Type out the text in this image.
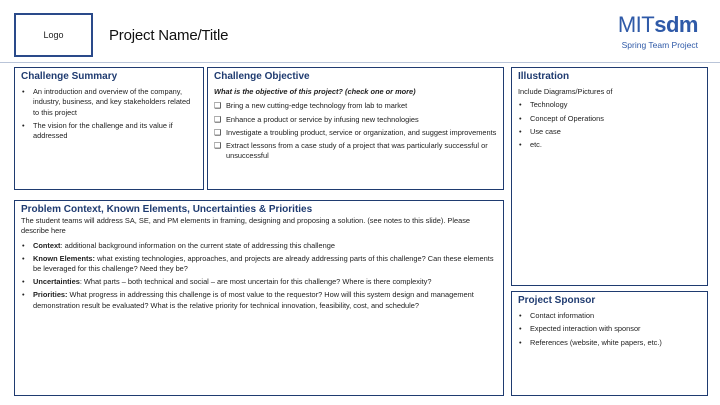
Logo	Project Name/Title	MITsdm
Spring Team Project
Challenge Summary
• An introduction and overview of the company, industry, business, and key stakeholders related to this project
• The vision for the challenge and its value if addressed
Challenge Objective
What is the objective of this project? (check one or more)
❑ Bring a new cutting-edge technology from lab to market
❑ Enhance a product or service by infusing new technologies
❑ Investigate a troubling product, service or organization, and suggest improvements
❑ Extract lessons from a case study of a project that was particularly successful or unsuccessful
Illustration
Include Diagrams/Pictures of
• Technology
• Concept of Operations
• Use case
• etc.
Problem Context, Known Elements, Uncertainties & Priorities
The student teams will address SA, SE, and PM elements in framing, designing and proposing a solution. (see notes to this slide). Please describe here
• Context: additional background information on the current state of addressing this challenge
• Known Elements: what existing technologies, approaches, and projects are already addressing parts of this challenge? Can these elements be leveraged for this challenge? Need they be?
• Uncertainties: What parts – both technical and social – are most uncertain for this challenge? Where is there complexity?
• Priorities: What progress in addressing this challenge is of most value to the requestor? How will this system design and management demonstration result be evaluated? What is the relative priority for technical innovation, feasibility, cost, and schedule?	Project Sponsor
• Contact information
• Expected interaction with sponsor
• References (website, white papers, etc.)
